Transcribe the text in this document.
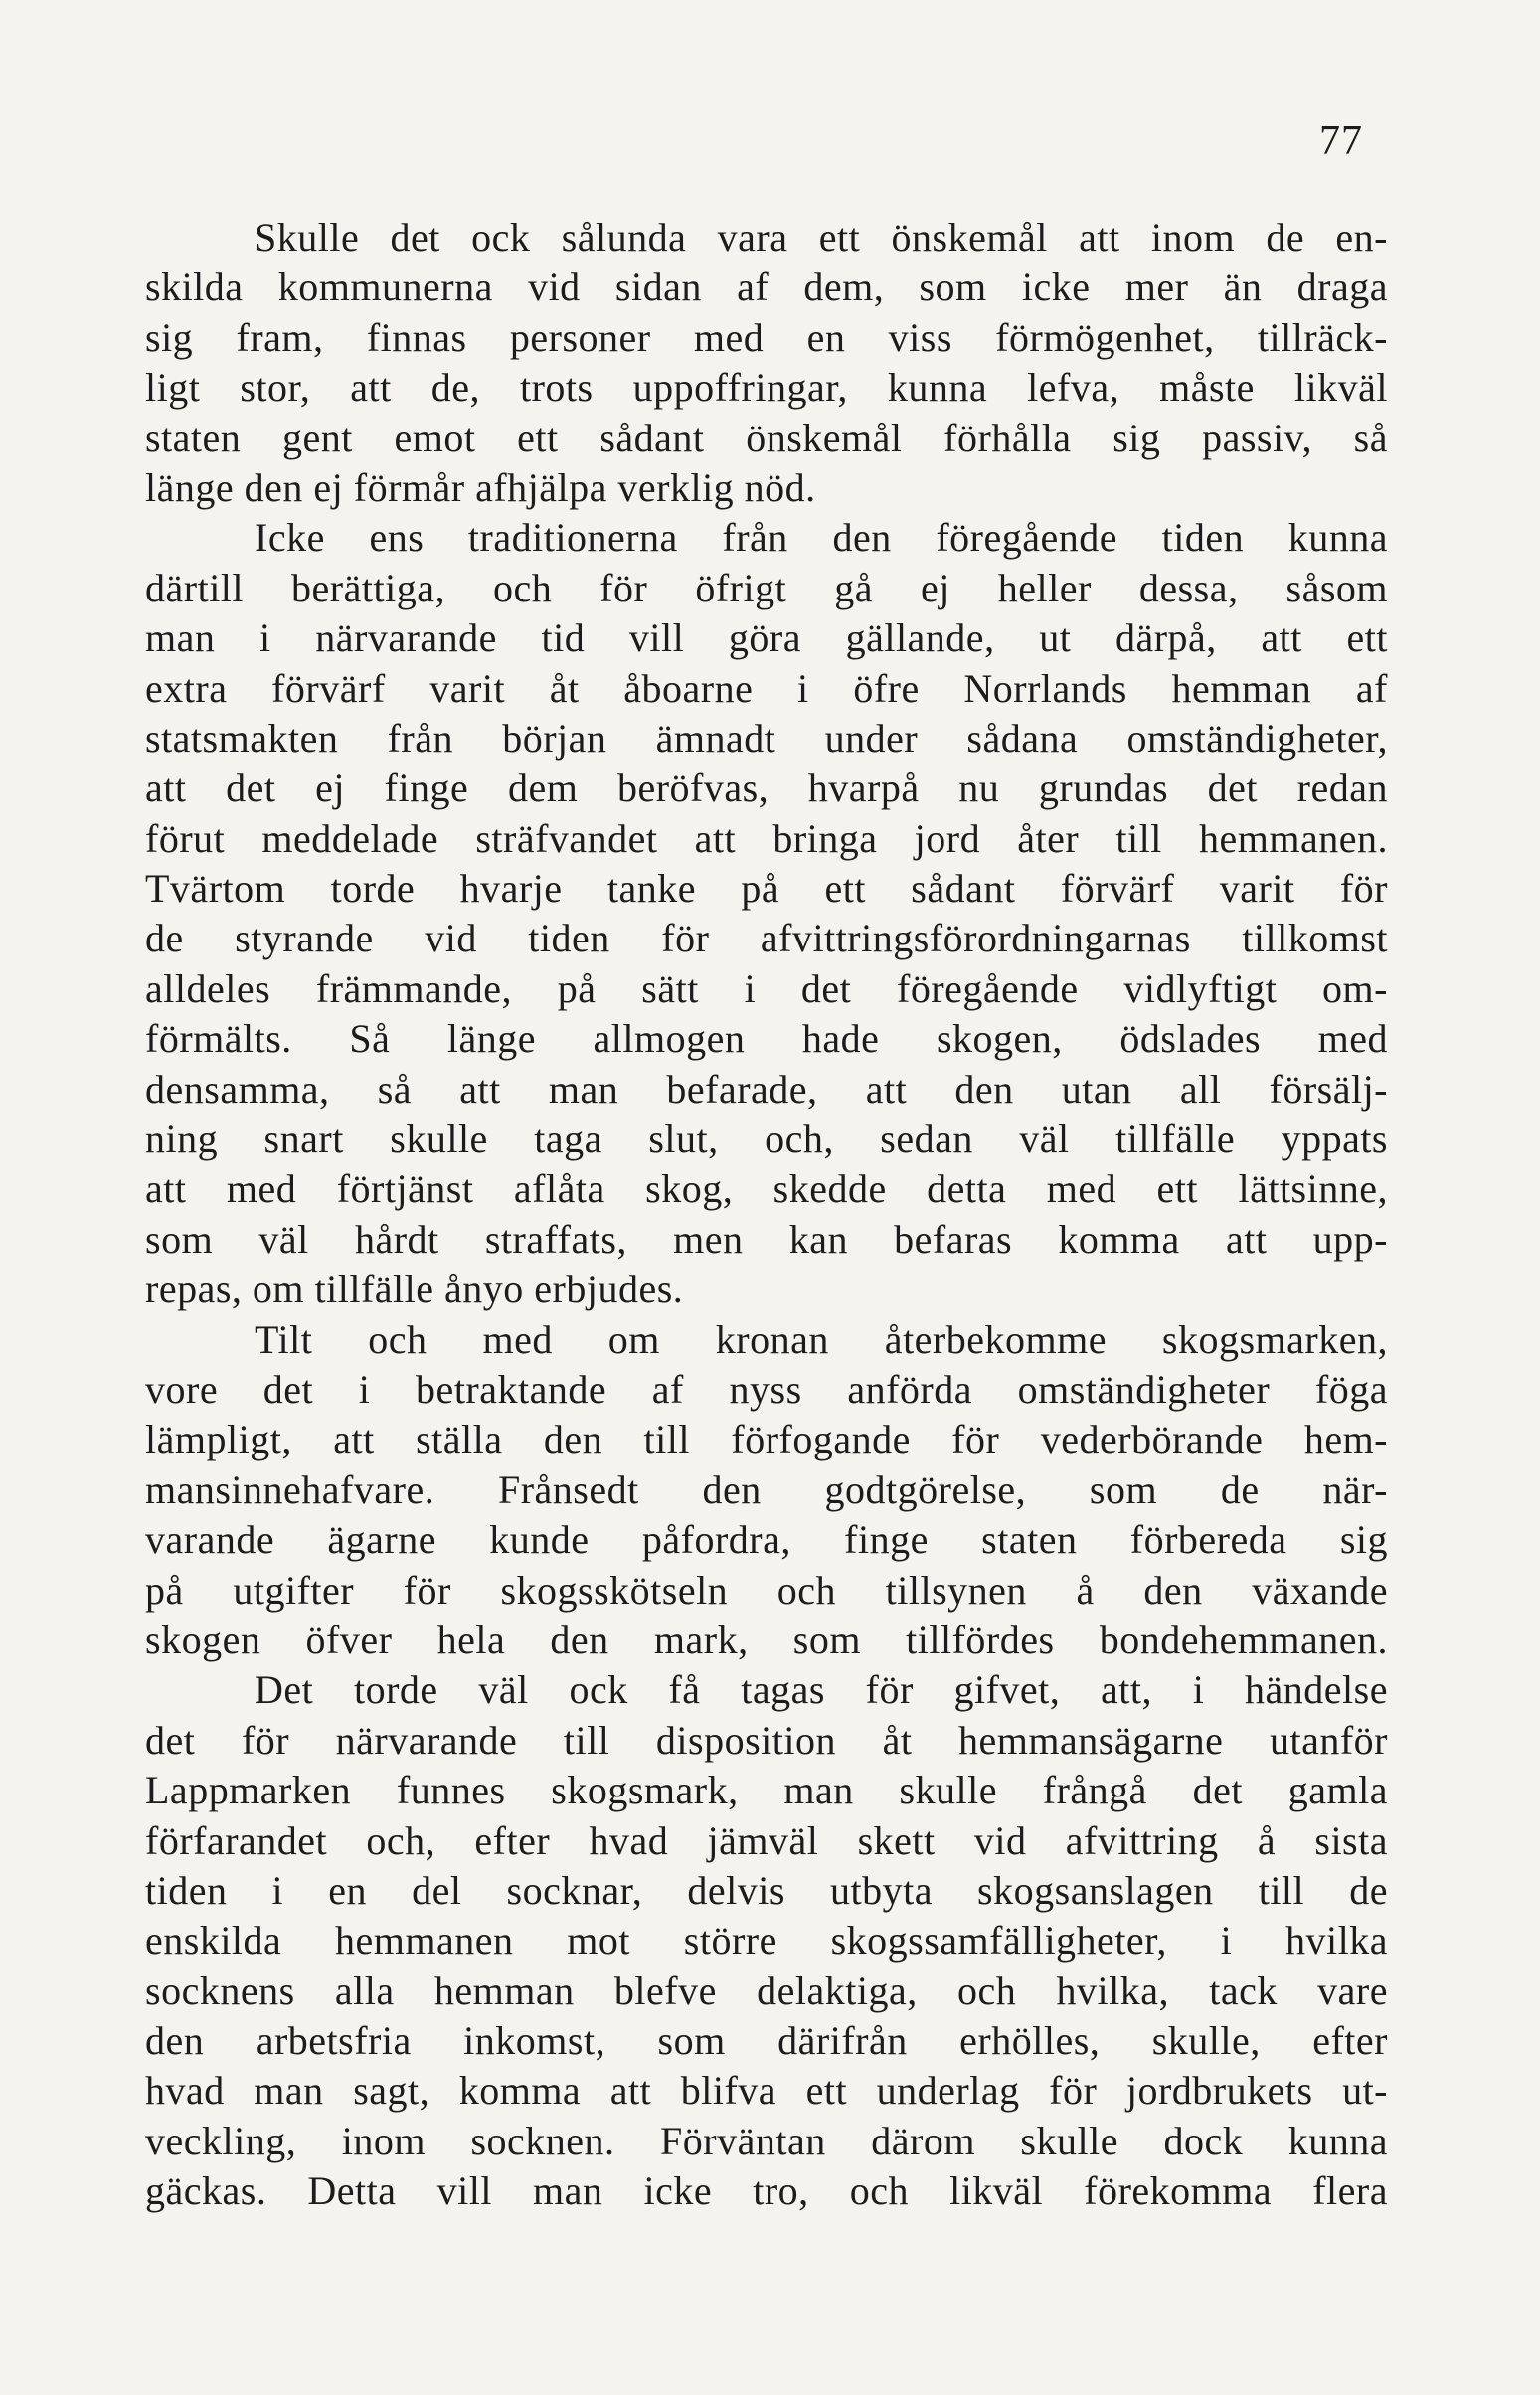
77
Skulle det ock sålunda vara ett önskemål att inom de en-
skilda kommunerna vid sidan af dem, som icke mer än draga
sig fram, finnas personer med en viss förmögenhet, tillräck-
ligt stor, att de, trots uppoffringar, kunna lefva, måste likväl
staten gent emot ett sådant önskemål förhålla sig passiv, så
länge den ej förmår afhjälpa verklig nöd.
Icke ens traditionerna från den föregående tiden kunna
därtill berättiga, och för öfrigt gå ej heller dessa, såsom
man i närvarande tid vill göra gällande, ut därpå, att ett
extra förvärf varit åt åboarne i öfre Norrlands hemman af
statsmakten från början ämnadt under sådana omständigheter,
att det ej finge dem beröfvas, hvarpå nu grundas det redan
förut meddelade sträfvandet att bringa jord åter till hemmanen.
Tvärtom torde hvarje tanke på ett sådant förvärf varit för
de styrande vid tiden för afvittringsförordningarnas tillkomst
alldeles främmande, på sätt i det föregående vidlyftigt om-
förmälts. Så länge allmogen hade skogen, ödslades med
densamma, så att man befarade, att den utan all försälj-
ning snart skulle taga slut, och, sedan väl tillfälle yppats
att med förtjänst aflåta skog, skedde detta med ett lättsinne,
som väl hårdt straffats, men kan befaras komma att upp-
repas, om tillfälle ånyo erbjudes.
Tilt och med om kronan återbekomme skogsmarken,
vore det i betraktande af nyss anförda omständigheter föga
lämpligt, att ställa den till förfogande för vederbörande hem-
mansinnehafvare. Frånsedt den godtgörelse, som de när-
varande ägarne kunde påfordra, finge staten förbereda sig
på utgifter för skogsskötseln och tillsynen å den växande
skogen öfver hela den mark, som tillfördes bondehemmanen.
Det torde väl ock få tagas för gifvet, att, i händelse
det för närvarande till disposition åt hemmansägarne utanför
Lappmarken funnes skogsmark, man skulle frångå det gamla
förfarandet och, efter hvad jämväl skett vid afvittring å sista
tiden i en del socknar, delvis utbyta skogsanslagen till de
enskilda hemmanen mot större skogssamfälligheter, i hvilka
socknens alla hemman blefve delaktiga, och hvilka, tack vare
den arbetsfria inkomst, som därifrån erhölles, skulle, efter
hvad man sagt, komma att blifva ett underlag för jordbrukets ut-
veckling, inom socknen. Förväntan därom skulle dock kunna
gäckas. Detta vill man icke tro, och likväl förekomma flera
